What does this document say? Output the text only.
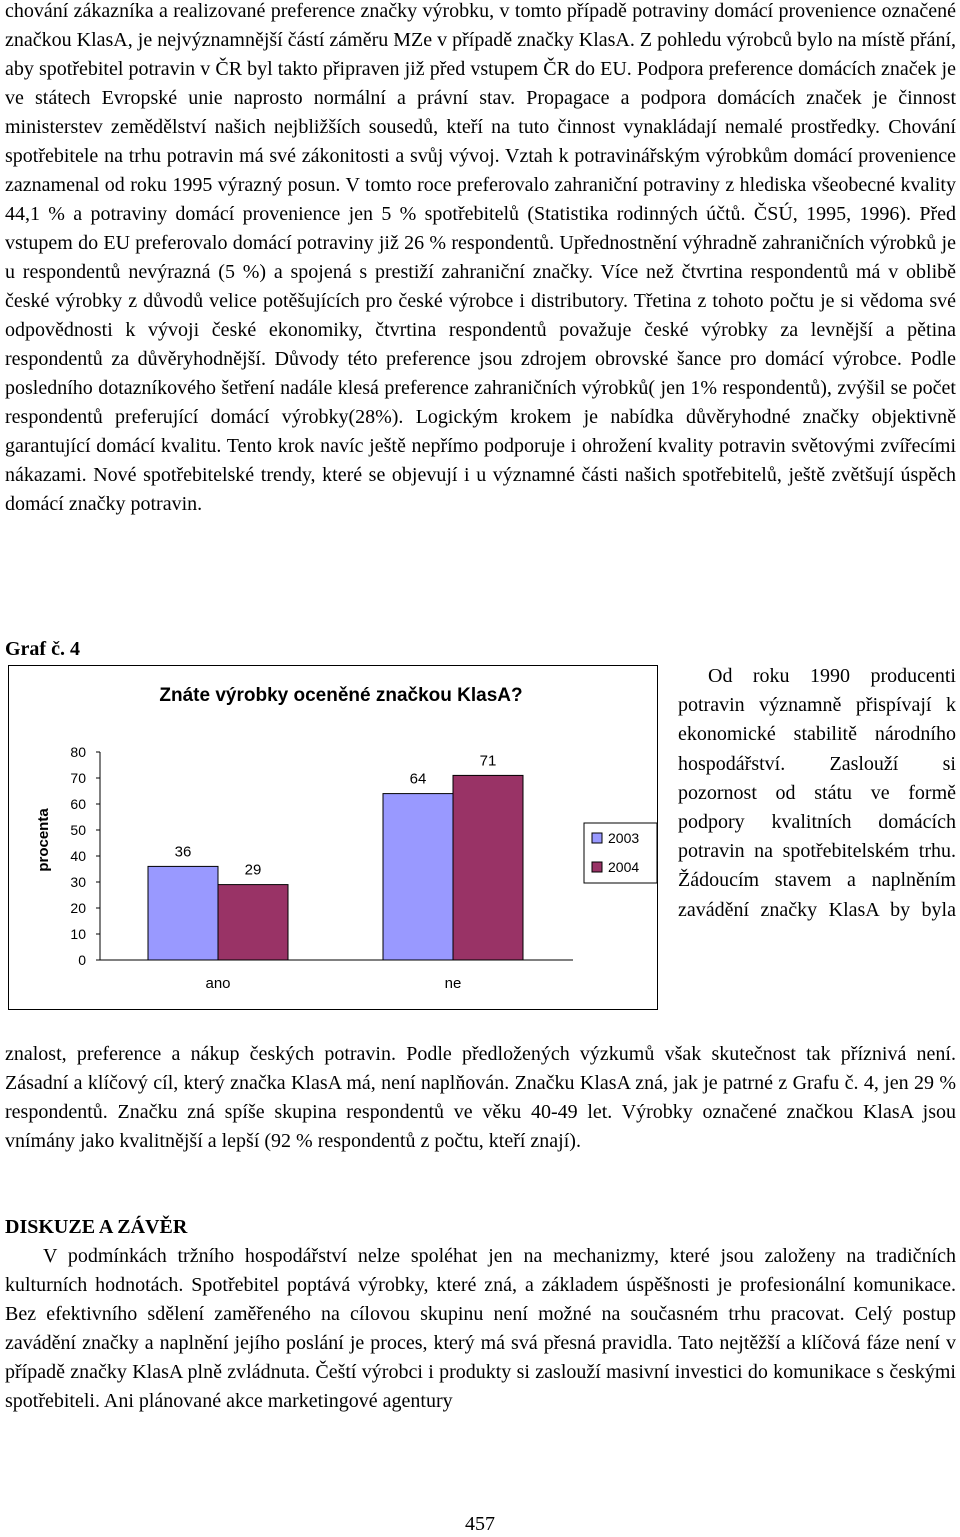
chování zákazníka a realizované preference značky výrobku, v tomto případě potraviny domácí provenience označené značkou KlasA, je nejvýznamnější částí záměru MZe v případě značky KlasA. Z pohledu výrobců bylo na místě přání, aby spotřebitel potravin v ČR byl takto připraven již před vstupem ČR do EU. Podpora preference domácích značek je ve státech Evropské unie naprosto normální a právní stav. Propagace a podpora domácích značek je činnost ministerstev zemědělství našich nejbližších sousedů, kteří na tuto činnost vynakládají nemalé prostředky. Chování spotřebitele na trhu potravin má své zákonitosti a svůj vývoj. Vztah k potravinářským výrobkům domácí provenience zaznamenal od roku 1995 výrazný posun. V tomto roce preferovalo zahraniční potraviny z hlediska všeobecné kvality 44,1 % a potraviny domácí provenience jen 5 % spotřebitelů (Statistika rodinných účtů. ČSÚ, 1995, 1996). Před vstupem do EU preferovalo domácí potraviny již 26 % respondentů. Upřednostnění výhradně zahraničních výrobků je u respondentů nevýrazná (5 %) a spojená s prestiží zahraniční značky. Více než čtvrtina respondentů má v oblibě české výrobky z důvodů velice potěšujících pro české výrobce i distributory. Třetina z tohoto počtu je si vědoma své odpovědnosti k vývoji české ekonomiky, čtvrtina respondentů považuje české výrobky za levnější a pětina respondentů za důvěryhodnější. Důvody této preference jsou zdrojem obrovské šance pro domácí výrobce. Podle posledního dotazníkového šetření nadále klesá preference zahraničních výrobků( jen 1% respondentů), zvýšil se počet respondentů preferující domácí výrobky(28%). Logickým krokem je nabídka důvěryhodné značky objektivně garantující domácí kvalitu. Tento krok navíc ještě nepřímo podporuje i ohrožení kvality potravin světovými zvířecími nákazami. Nové spotřebitelské trendy, které se objevují i u významné části našich spotřebitelů, ještě zvětšují úspěch domácí značky potravin.

Graf č. 4

Znáte výrobky oceněné značkou KlasA?
procenta
0
10
20
30
40
50
60
70
80
36
29
64
71
ano	ne
2003
2004
Od roku 1990 producenti potravin významně přispívají k ekonomické stabilitě národního hospodářství. Zaslouží si pozornost od státu ve formě podpory kvalitních domácích potravin na spotřebitelském trhu. Žádoucím stavem a naplněním zavádění značky KlasA by byla

znalost, preference a nákup českých potravin. Podle předložených výzkumů však skutečnost tak příznivá není. Zásadní a klíčový cíl, který značka KlasA má, není naplňován. Značku KlasA zná, jak je patrné z Grafu č. 4, jen 29 % respondentů. Značku zná spíše skupina respondentů ve věku 40-49 let. Výrobky označené značkou KlasA jsou vnímány jako kvalitnější a lepší (92 % respondentů z počtu, kteří znají).

DISKUZE A ZÁVĚR

V podmínkách tržního hospodářství nelze spoléhat jen na mechanizmy, které jsou založeny na tradičních kulturních hodnotách. Spotřebitel poptává výrobky, které zná, a základem úspěšnosti je profesionální komunikace. Bez efektivního sdělení zaměřeného na cílovou skupinu není možné na současném trhu pracovat. Celý postup zavádění značky a naplnění jejího poslání je proces, který má svá přesná pravidla. Tato nejtěžší a klíčová fáze není v případě značky KlasA plně zvládnuta. Čeští výrobci i produkty si zaslouží masivní investici do komunikace s českými spotřebiteli. Ani plánované akce marketingové agentury

457
